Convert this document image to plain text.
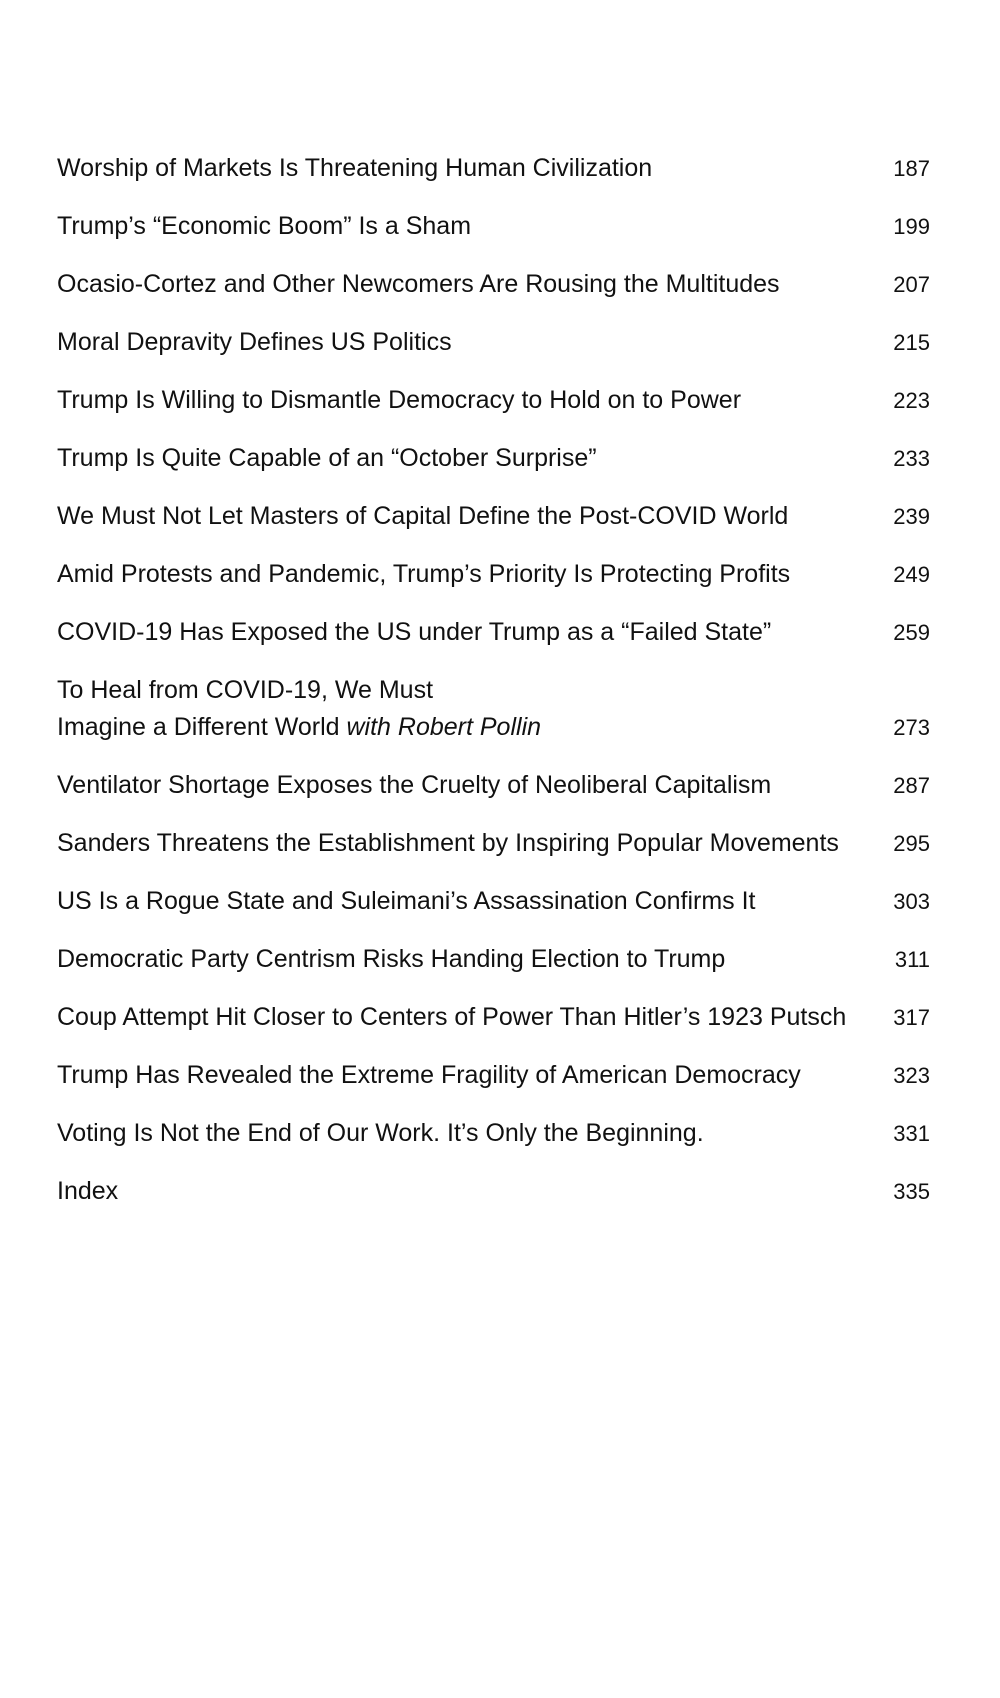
Worship of Markets Is Threatening Human Civilization	187
Trump’s “Economic Boom” Is a Sham	199
Ocasio-Cortez and Other Newcomers Are Rousing the Multitudes	207
Moral Depravity Defines US Politics	215
Trump Is Willing to Dismantle Democracy to Hold on to Power	223
Trump Is Quite Capable of an “October Surprise”	233
We Must Not Let Masters of Capital Define the Post-COVID World	239
Amid Protests and Pandemic, Trump’s Priority Is Protecting Profits	249
COVID-19 Has Exposed the US under Trump as a “Failed State”	259
To Heal from COVID-19, We Must
Imagine a Different World with Robert Pollin	273
Ventilator Shortage Exposes the Cruelty of Neoliberal Capitalism	287
Sanders Threatens the Establishment by Inspiring Popular Movements	295
US Is a Rogue State and Suleimani’s Assassination Confirms It	303
Democratic Party Centrism Risks Handing Election to Trump	311
Coup Attempt Hit Closer to Centers of Power Than Hitler’s 1923 Putsch	317
Trump Has Revealed the Extreme Fragility of American Democracy	323
Voting Is Not the End of Our Work. It’s Only the Beginning.	331
Index	335
